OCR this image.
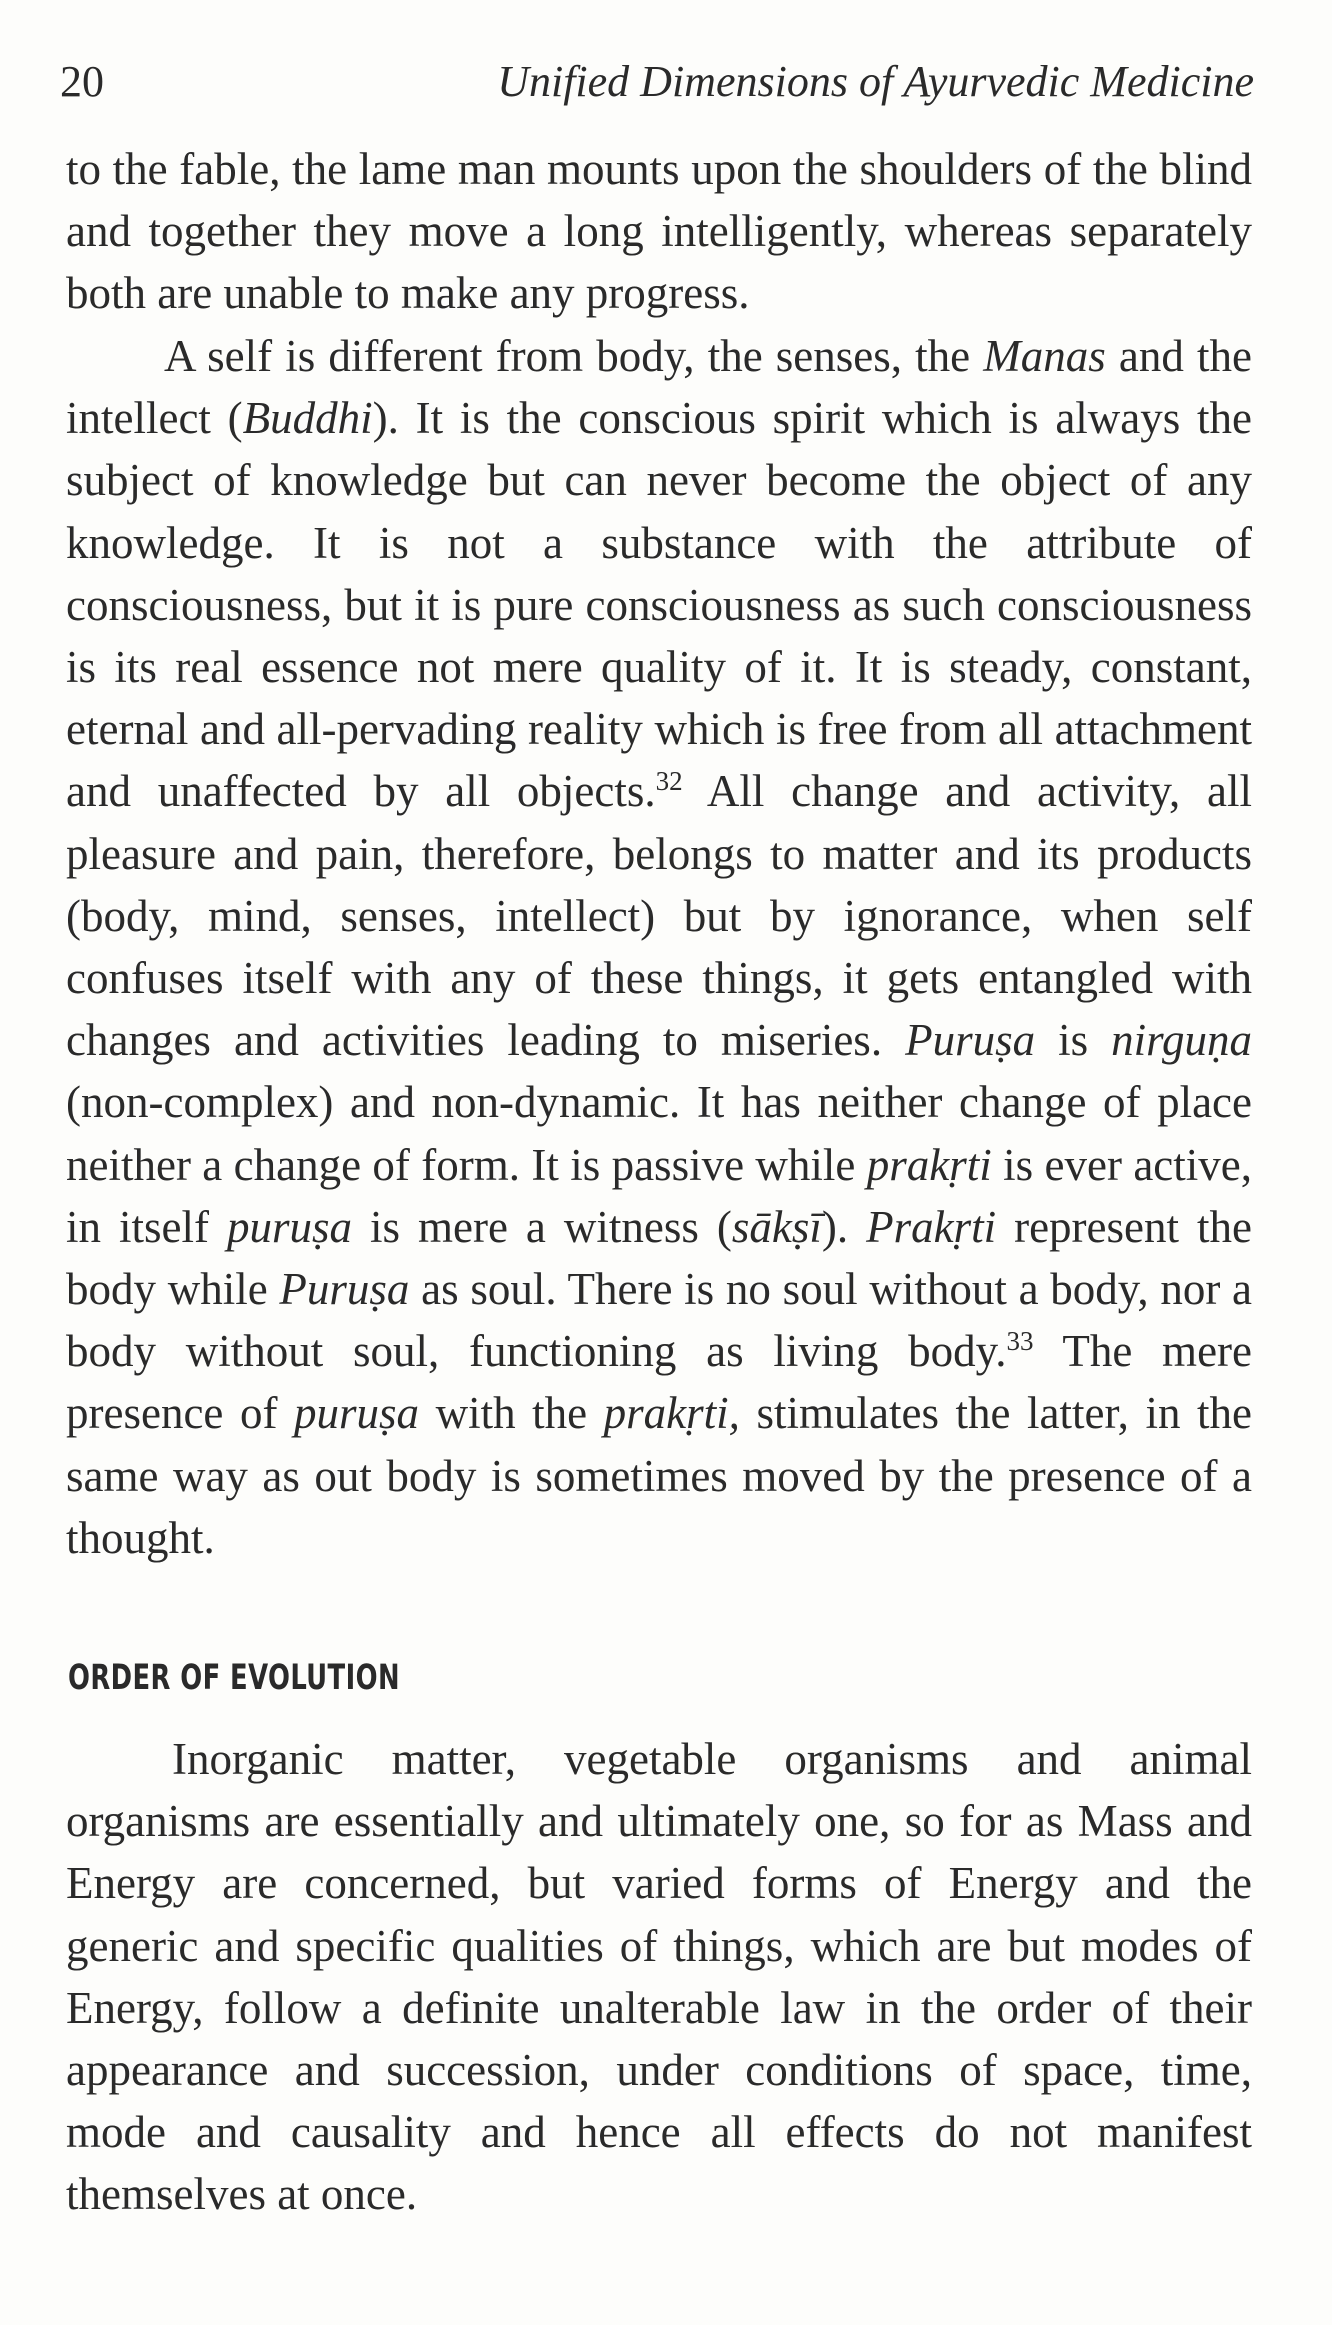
20	Unified Dimensions of Ayurvedic Medicine

to the fable, the lame man mounts upon the shoulders of the blind and together they move a long intelligently, whereas separately both are unable to make any progress.

A self is different from body, the senses, the Manas and the intellect (Buddhi). It is the conscious spirit which is always the subject of knowledge but can never become the object of any knowledge. It is not a substance with the attribute of consciousness, but it is pure consciousness as such consciousness is its real essence not mere quality of it. It is steady, constant, eternal and all-pervading reality which is free from all attachment and unaffected by all objects.$^{32}$ All change and activity, all pleasure and pain, therefore, belongs to matter and its products (body, mind, senses, intellect) but by ignorance, when self confuses itself with any of these things, it gets entangled with changes and activities leading to miseries. Puruṣa is nirguṇa (non-complex) and non-dynamic. It has neither change of place neither a change of form. It is passive while prakṛti is ever active, in itself puruṣa is mere a witness (sākṣī). Prakṛti represent the body while Puruṣa as soul. There is no soul without a body, nor a body without soul, functioning as living body.$^{33}$ The mere presence of puruṣa with the prakṛti, stimulates the latter, in the same way as out body is sometimes moved by the presence of a thought.

ORDER OF EVOLUTION

Inorganic matter, vegetable organisms and animal organisms are essentially and ultimately one, so for as Mass and Energy are concerned, but varied forms of Energy and the generic and specific qualities of things, which are but modes of Energy, follow a definite unalterable law in the order of their appearance and succession, under conditions of space, time, mode and causality and hence all effects do not manifest themselves at once.
